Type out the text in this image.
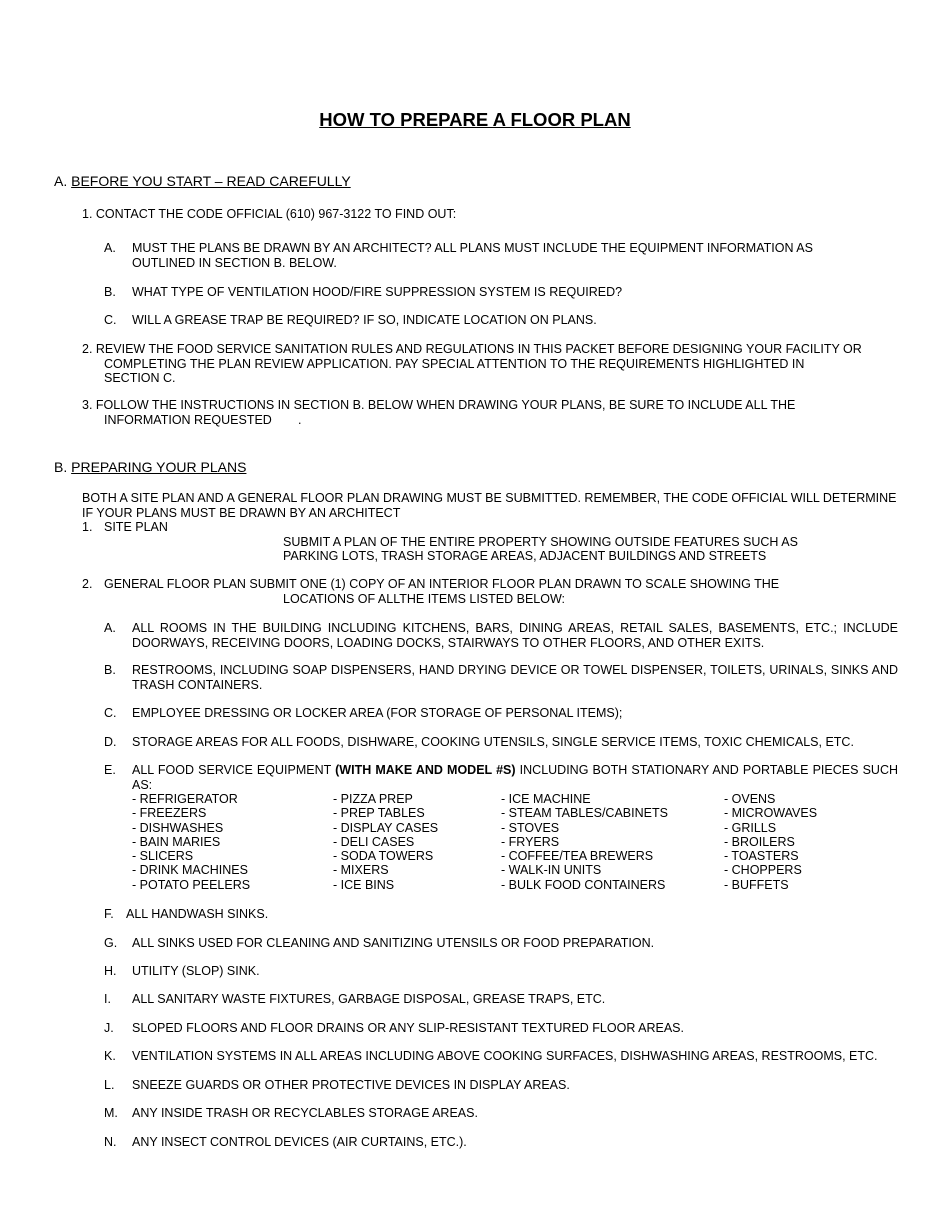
HOW TO PREPARE A FLOOR PLAN
A. BEFORE YOU START – READ CAREFULLY
1. CONTACT THE CODE OFFICIAL (610) 967-3122 TO FIND OUT:
A. MUST THE PLANS BE DRAWN BY AN ARCHITECT? ALL PLANS MUST INCLUDE THE EQUIPMENT INFORMATION AS
OUTLINED IN SECTION B. BELOW.
B. WHAT TYPE OF VENTILATION HOOD/FIRE SUPPRESSION SYSTEM IS REQUIRED?
C. WILL A GREASE TRAP BE REQUIRED? IF SO, INDICATE LOCATION ON PLANS.
2. REVIEW THE FOOD SERVICE SANITATION RULES AND REGULATIONS IN THIS PACKET BEFORE DESIGNING YOUR FACILITY OR
COMPLETING THE PLAN REVIEW APPLICATION. PAY SPECIAL ATTENTION TO THE REQUIREMENTS HIGHLIGHTED IN
SECTION C.
3. FOLLOW THE INSTRUCTIONS IN SECTION B. BELOW WHEN DRAWING YOUR PLANS, BE SURE TO INCLUDE ALL THE
INFORMATION REQUESTED .
B. PREPARING YOUR PLANS
BOTH A SITE PLAN AND A GENERAL FLOOR PLAN DRAWING MUST BE SUBMITTED. REMEMBER, THE CODE OFFICIAL WILL DETERMINE
IF YOUR PLANS MUST BE DRAWN BY AN ARCHITECT
1. SITE PLAN
SUBMIT A PLAN OF THE ENTIRE PROPERTY SHOWING OUTSIDE FEATURES SUCH AS
PARKING LOTS, TRASH STORAGE AREAS, ADJACENT BUILDINGS AND STREETS
2. GENERAL FLOOR PLAN SUBMIT ONE (1) COPY OF AN INTERIOR FLOOR PLAN DRAWN TO SCALE SHOWING THE
LOCATIONS OF ALLTHE ITEMS LISTED BELOW:
A. ALL ROOMS IN THE BUILDING INCLUDING KITCHENS, BARS, DINING AREAS, RETAIL SALES, BASEMENTS, ETC.; INCLUDE DOORWAYS, RECEIVING DOORS, LOADING DOCKS, STAIRWAYS TO OTHER FLOORS, AND OTHER EXITS.
B. RESTROOMS, INCLUDING SOAP DISPENSERS, HAND DRYING DEVICE OR TOWEL DISPENSER, TOILETS, URINALS, SINKS AND TRASH CONTAINERS.
C. EMPLOYEE DRESSING OR LOCKER AREA (FOR STORAGE OF PERSONAL ITEMS);
D. STORAGE AREAS FOR ALL FOODS, DISHWARE, COOKING UTENSILS, SINGLE SERVICE ITEMS, TOXIC CHEMICALS, ETC.
E. ALL FOOD SERVICE EQUIPMENT (WITH MAKE AND MODEL #S) INCLUDING BOTH STATIONARY AND PORTABLE PIECES SUCH AS:
- REFRIGERATOR
- FREEZERS
- DISHWASHES
- BAIN MARIES
- SLICERS
- DRINK MACHINES
- POTATO PEELERS
- PIZZA PREP
- PREP TABLES
- DISPLAY CASES
- DELI CASES
- SODA TOWERS
- MIXERS
- ICE BINS
- ICE MACHINE
- STEAM TABLES/CABINETS
- STOVES
- FRYERS
- COFFEE/TEA BREWERS
- WALK-IN UNITS
- BULK FOOD CONTAINERS
- OVENS
- MICROWAVES
- GRILLS
- BROILERS
- TOASTERS
- CHOPPERS
- BUFFETS
F. ALL HANDWASH SINKS.
G. ALL SINKS USED FOR CLEANING AND SANITIZING UTENSILS OR FOOD PREPARATION.
H. UTILITY (SLOP) SINK.
I. ALL SANITARY WASTE FIXTURES, GARBAGE DISPOSAL, GREASE TRAPS, ETC.
J. SLOPED FLOORS AND FLOOR DRAINS OR ANY SLIP-RESISTANT TEXTURED FLOOR AREAS.
K. VENTILATION SYSTEMS IN ALL AREAS INCLUDING ABOVE COOKING SURFACES, DISHWASHING AREAS, RESTROOMS, ETC.
L. SNEEZE GUARDS OR OTHER PROTECTIVE DEVICES IN DISPLAY AREAS.
M. ANY INSIDE TRASH OR RECYCLABLES STORAGE AREAS.
N. ANY INSECT CONTROL DEVICES (AIR CURTAINS, ETC.).
